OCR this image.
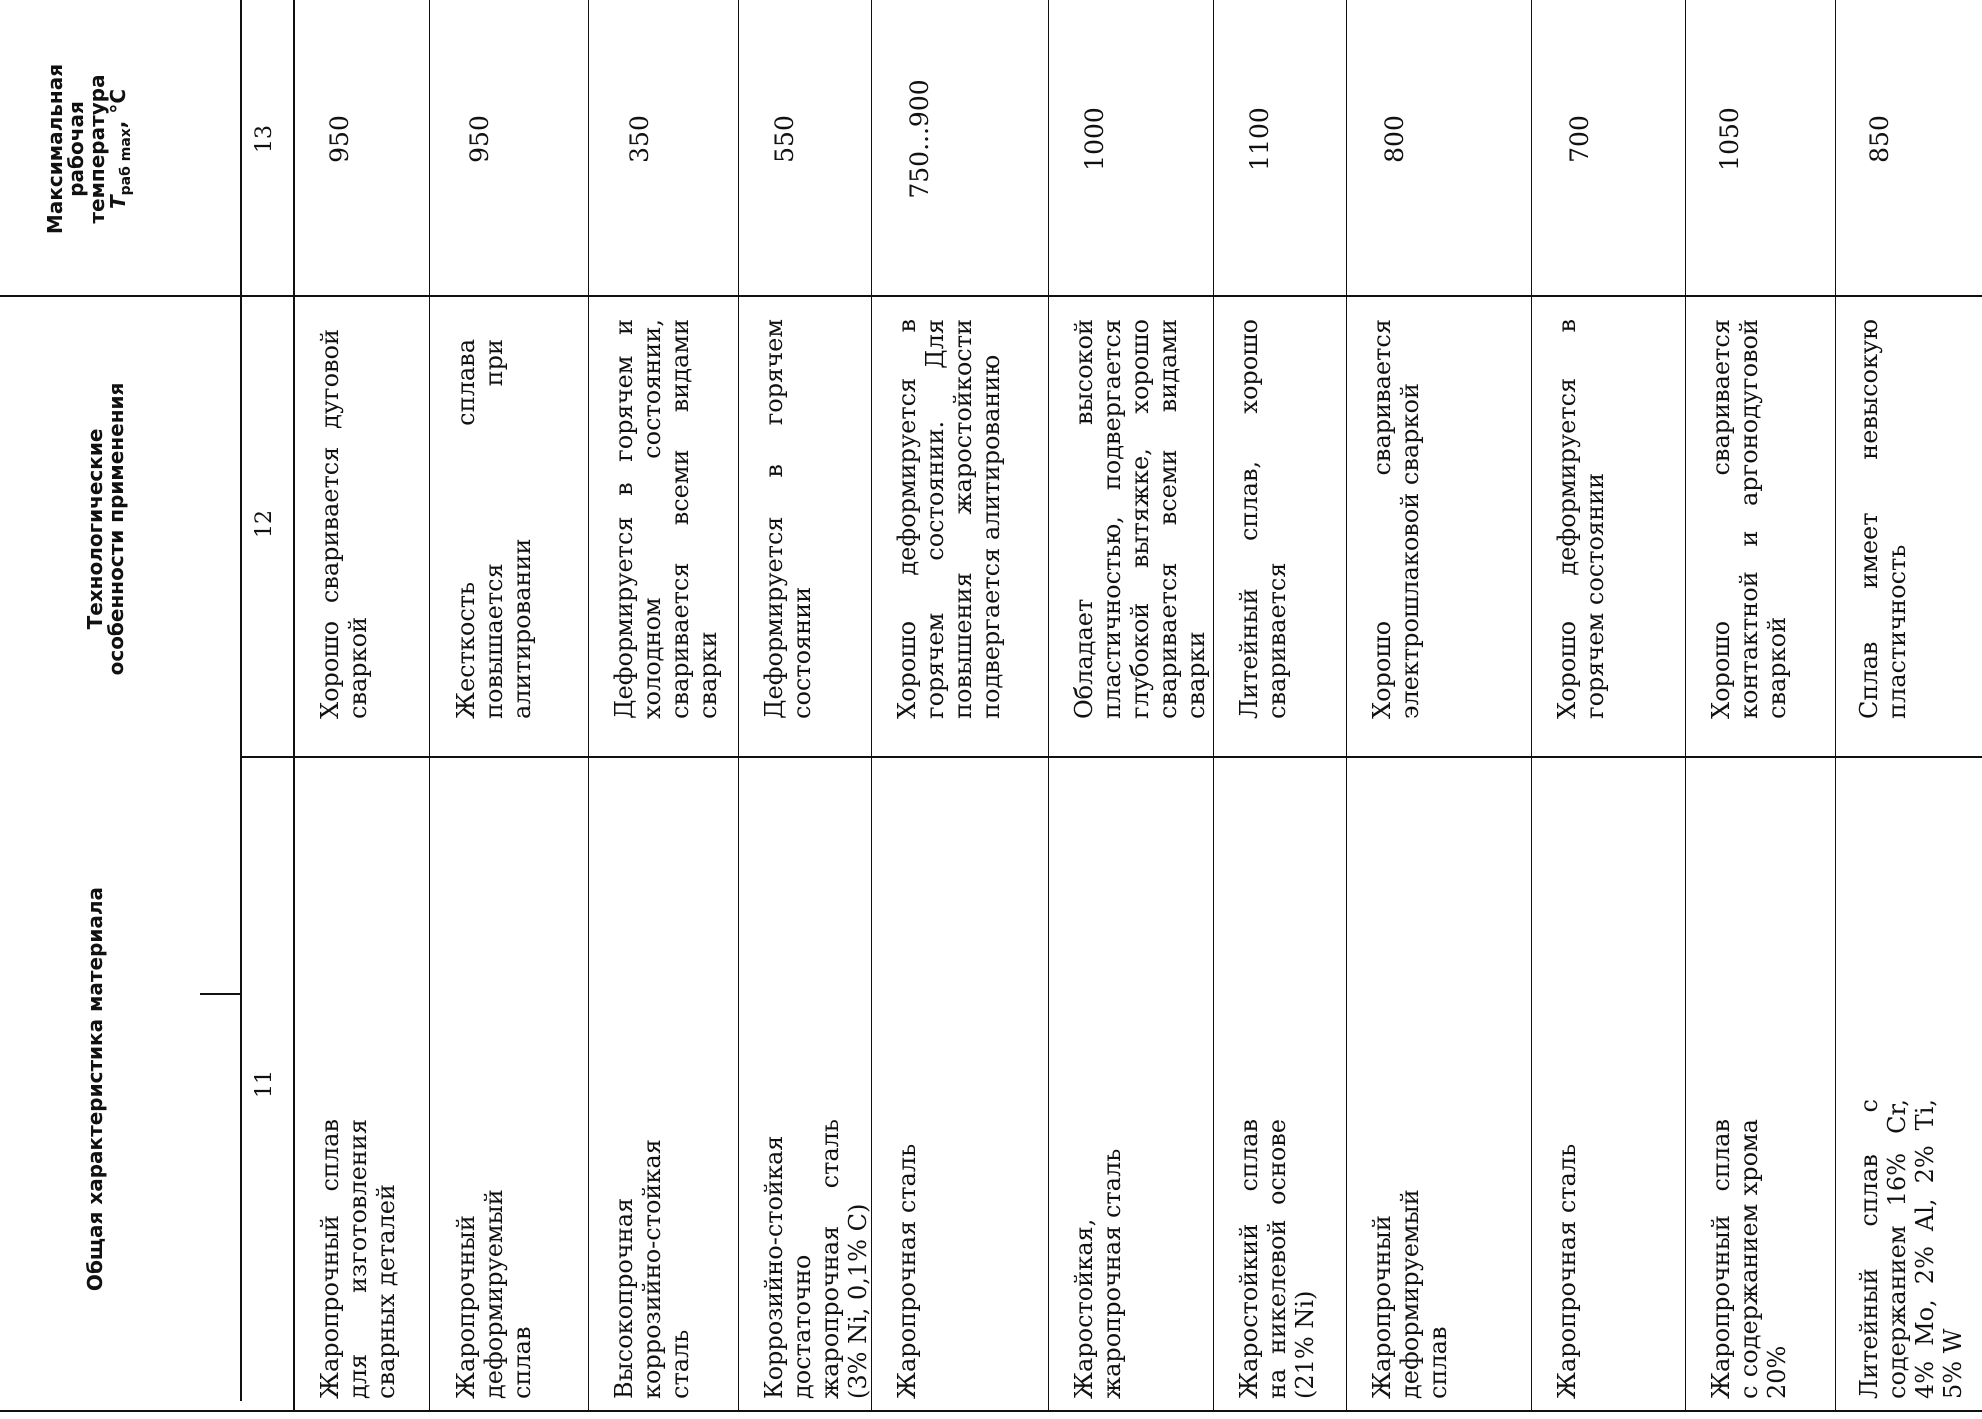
Общая характеристика материала
Технологические особенности применения
Максимальная рабочая
температура
$T_{раб max}$, °C
11
12
13
Жаропрочный сплав для изготовления сварных деталей
Хорошо сваривается дуговой сваркой
950
Жаропрочный деформируемый сплав
Жесткость сплава повышается при алитировании
950
Высокопрочная коррозийно-стойкая сталь
Деформируется в горячем и холодном состоянии, сваривается всеми видами сварки
350
Коррозийно-стойкая достаточно жаропрочная сталь (3% Ni, 0,1% C)
Деформируется в горячем состоянии
550
Жаропрочная сталь
Хорошо деформируется в горячем состоянии. Для повышения жаростойкости подвергается алитированию
750...900
Жаростойкая, жаропрочная сталь
Обладает высокой пластичностью, подвергается глубокой вытяжке, хорошо сваривается всеми видами сварки
1000
Жаростойкий сплав на никелевой основе (21% Ni)
Литейный сплав, хорошо сваривается
1100
Жаропрочный деформируемый сплав
Хорошо сваривается электрошлаковой сваркой
800
Жаропрочная сталь
Хорошо деформируется в горячем состоянии
700
Жаропрочный сплав с содержанием хрома 20%
Хорошо сваривается контактной и аргонодуговой сваркой
1050
Литейный сплав с содержанием 16% Cr, 4% Mo, 2% Al, 2% Ti, 5% W
Сплав имеет невысокую пластичность
850
